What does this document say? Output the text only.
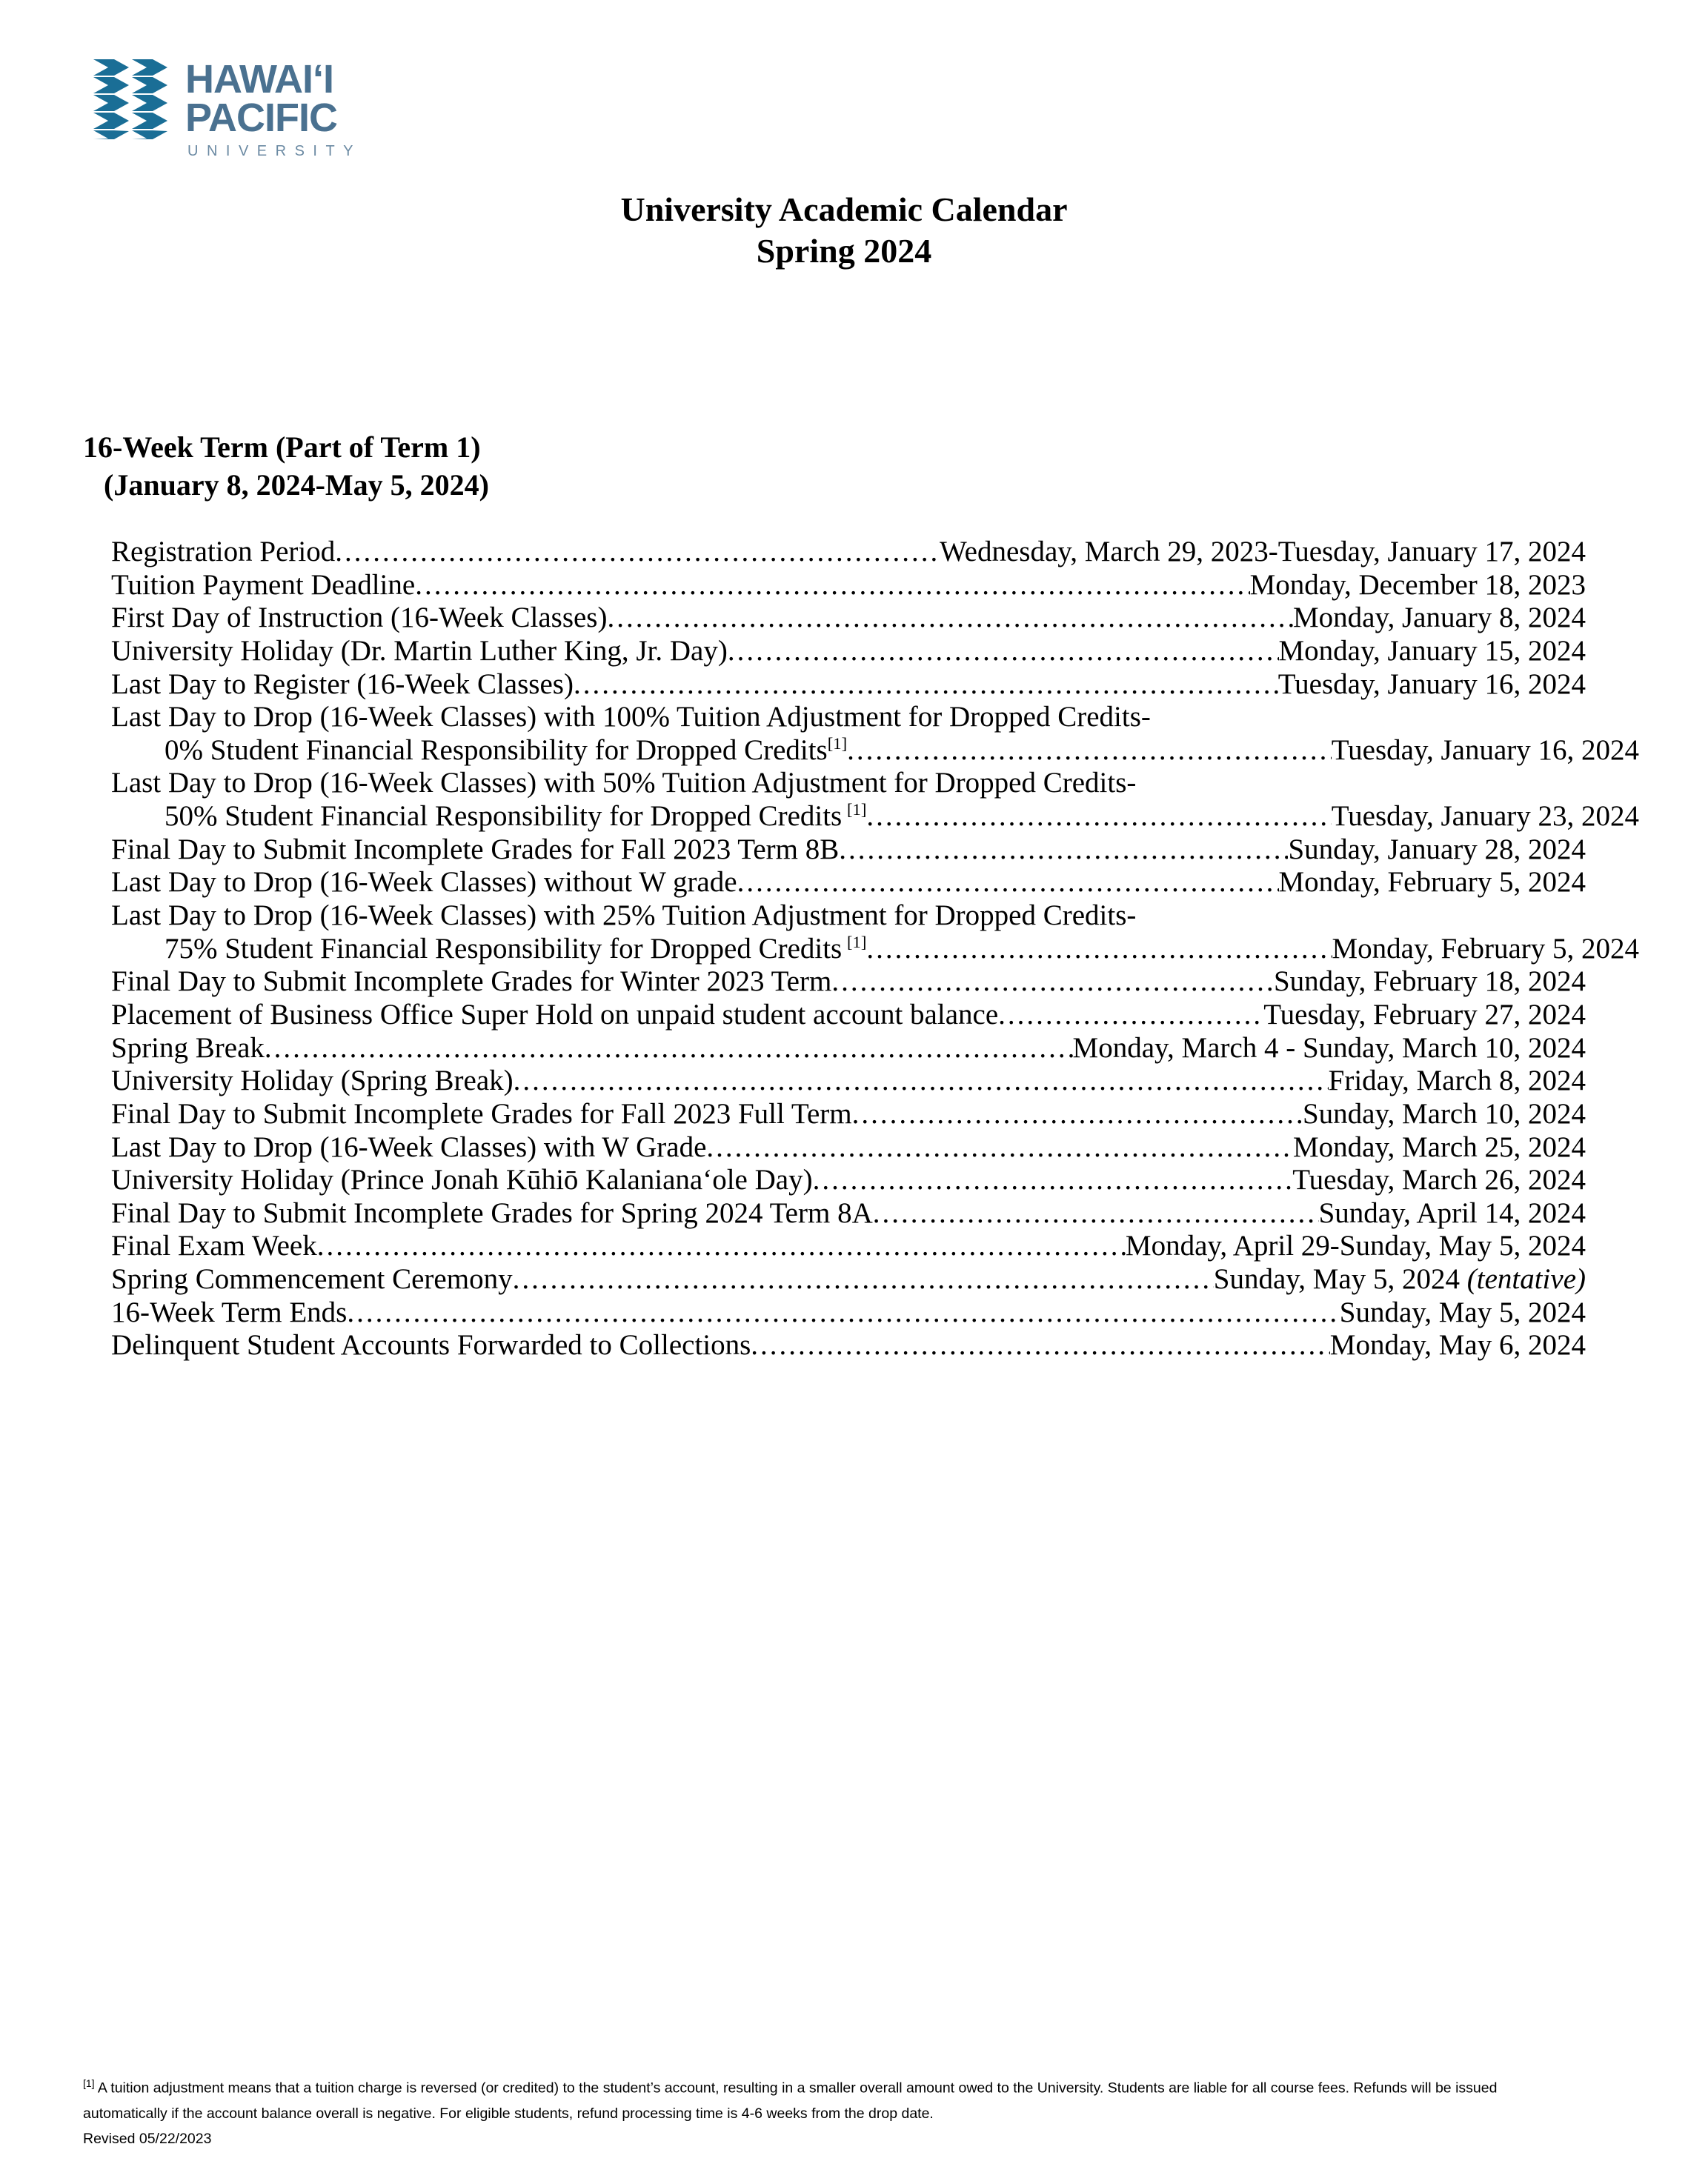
HAWAI‘I
PACIFIC
UNIVERSITY
University Academic Calendar
Spring 2024
16-Week Term (Part of Term 1)
(January 8, 2024-May 5, 2024)
Registration Period .....	Wednesday, March 29, 2023-Tuesday, January 17, 2024
Tuition Payment Deadline .....	Monday, December 18, 2023
First Day of Instruction (16-Week Classes) .....	Monday, January 8, 2024
University Holiday (Dr. Martin Luther King, Jr. Day) .....	Monday, January 15, 2024
Last Day to Register (16-Week Classes) .....	Tuesday, January 16, 2024
Last Day to Drop (16-Week Classes) with 100% Tuition Adjustment for Dropped Credits-
0% Student Financial Responsibility for Dropped Credits[1] .....	Tuesday, January 16, 2024
Last Day to Drop (16-Week Classes) with 50% Tuition Adjustment for Dropped Credits-
50% Student Financial Responsibility for Dropped Credits [1] .....	Tuesday, January 23, 2024
Final Day to Submit Incomplete Grades for Fall 2023 Term 8B .....	Sunday, January 28, 2024
Last Day to Drop (16-Week Classes) without W grade .....	Monday, February 5, 2024
Last Day to Drop (16-Week Classes) with 25% Tuition Adjustment for Dropped Credits-
75% Student Financial Responsibility for Dropped Credits [1] .....	Monday, February 5, 2024
Final Day to Submit Incomplete Grades for Winter 2023 Term .....	Sunday, February 18, 2024
Placement of Business Office Super Hold on unpaid student account balance .....	Tuesday, February 27, 2024
Spring Break .....	Monday, March 4 - Sunday, March 10, 2024
University Holiday (Spring Break) .....	Friday, March 8, 2024
Final Day to Submit Incomplete Grades for Fall 2023 Full Term .....	Sunday, March 10, 2024
Last Day to Drop (16-Week Classes) with W Grade .....	Monday, March 25, 2024
University Holiday (Prince Jonah Kūhiō Kalanianaʻole Day) .....	Tuesday, March 26, 2024
Final Day to Submit Incomplete Grades for Spring 2024 Term 8A .....	Sunday, April 14, 2024
Final Exam Week .....	Monday, April 29-Sunday, May 5, 2024
Spring Commencement Ceremony .....	Sunday, May 5, 2024 (tentative)
16-Week Term Ends .....	Sunday, May 5, 2024
Delinquent Student Accounts Forwarded to Collections .....	Monday, May 6, 2024
[1] A tuition adjustment means that a tuition charge is reversed (or credited) to the student’s account, resulting in a smaller overall amount owed to the University. Students are liable for all course fees. Refunds will be issued automatically if the account balance overall is negative. For eligible students, refund processing time is 4-6 weeks from the drop date.
Revised 05/22/2023
